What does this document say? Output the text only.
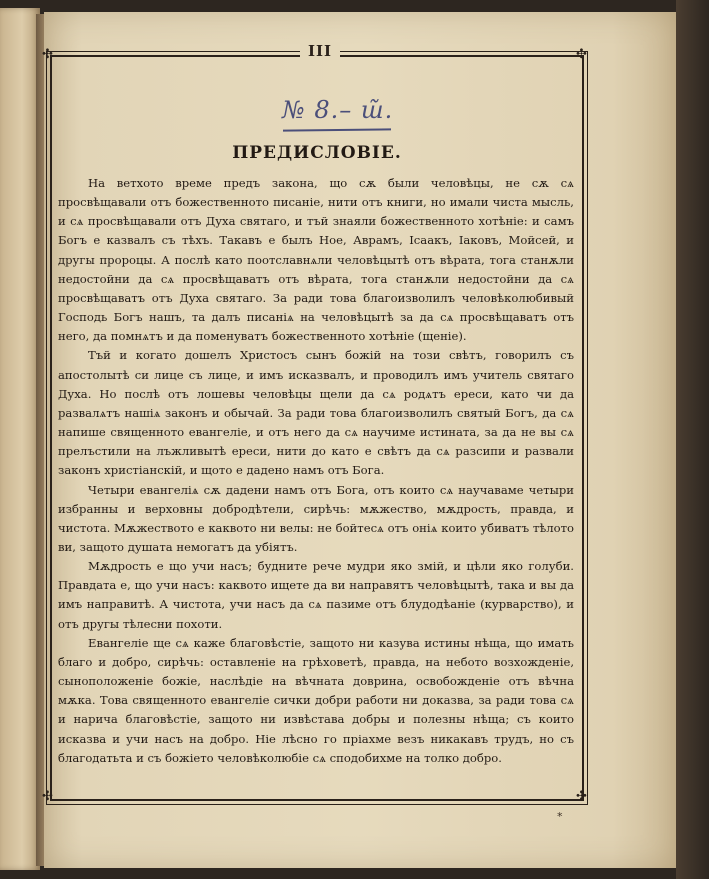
✣	✣
✣	✣
III
№ 8.– ш̃.
ПРЕДИСЛОВІЕ.

На ветхото време предъ закона, що сѫ были человѣцы, не сѫ сѧ просвѣщавали отъ божественното писаніе, нити отъ книги, но имали чиста мысль, и сѧ просвѣщавали отъ Духа святаго, и тъй знаяли божественното хотѣніе: и самъ Богъ е казвалъ съ тѣхъ. Такавъ е былъ Ное, Аврамъ, Ісаакъ, Іаковъ, Мойсей, и другы пророцы. А послѣ като поотславнѧли человѣцытѣ отъ вѣрата, тога станѫли недостойни да сѧ просвѣщаватъ отъ вѣрата, тога станѫли недостойни да сѧ просвѣщаватъ отъ Духа святаго. За ради това благоизволилъ человѣколюбивый Господь Богъ нашъ, та далъ писаніѧ на человѣцытѣ за да сѧ просвѣщаватъ отъ него, да помнѧтъ и да поменуватъ божественното хотѣніе (щеніе).

Тъй и когато дошелъ Христосъ сынъ божій на този свѣтъ, говорилъ съ апостолытѣ си лице съ лице, и имъ исказвалъ, и проводилъ имъ учитель святаго Духа. Но послѣ отъ лошевы человѣцы щели да сѧ родѧтъ ереси, като чи да развалѧтъ нашіѧ законъ и обычай. За ради това благоизволилъ святый Богъ, да сѧ напише священното евангеліе, и отъ него да сѧ научиме истината, за да не вы сѧ прелъстили на лъжливытѣ ереси, нити до като е свѣтъ да сѧ разсипи и развали законъ христіанскій, и щото е дадено намъ отъ Бога.

Четыри евангеліѧ сѫ дадени намъ отъ Бога, отъ които сѧ научаваме четыри избранны и верховны добродѣтели, сирѣчь: мѫжество, мѫдрость, правда, и чистота. Мѫжеството е каквото ни велы: не бойтесѧ отъ оніѧ които убиватъ тѣлото ви, защото душата немогатъ да убіятъ.

Мѫдрость е що учи насъ; будните рече мудри яко змій, и цѣли яко голуби. Правдата е, що учи насъ: каквото ищете да ви направятъ человѣцытѣ, така и вы да имъ направитѣ. А чистота, учи насъ да сѧ пазиме отъ блудодѣаніе (курварство), и отъ другы тѣлесни похоти.

Евангеліе ще сѧ каже благовѣстіе, защото ни казува истины нѣща, що имать благо и добро, сирѣчь: оставленіе на грѣховетѣ, правда, на небото возхожденіе, сыноположеніе божіе, наслѣдіе на вѣчната доврина, освобожденіе отъ вѣчна мѫка. Това священното евангеліе сички добри работи ни доказва, за ради това сѧ и нарича благовѣстіе, защото ни извѣстава добры и полезны нѣща; съ които исказва и учи насъ на добро. Ніе лѣсно го пріахме везъ никакавъ трудъ, но съ благодатьта и съ божіето человѣколюбіе сѧ сподобихме на толко добро.

*
